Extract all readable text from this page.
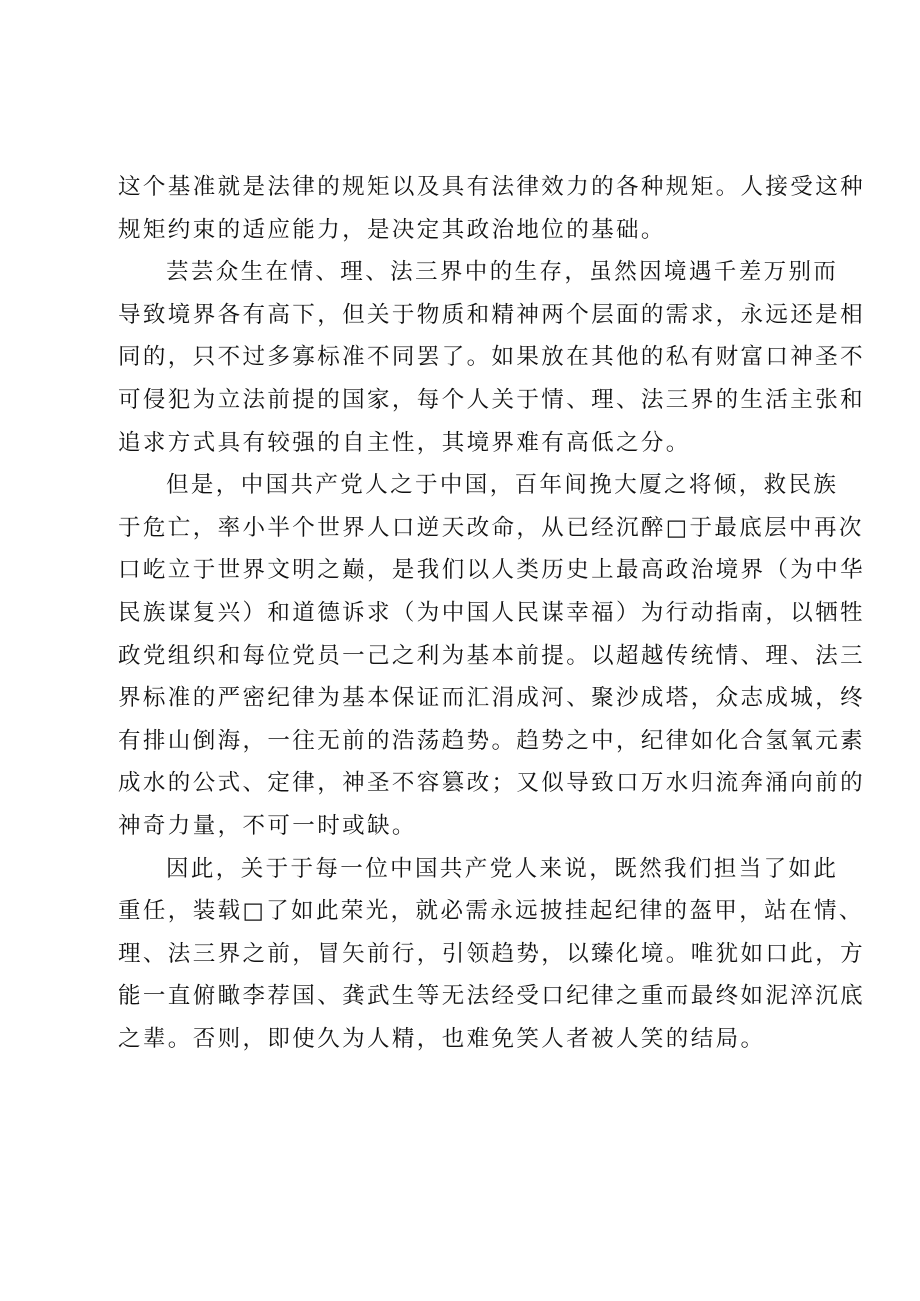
这个基准就是法律的规矩以及具有法律效力的各种规矩。人接受这种
规矩约束的适应能力，是决定其政治地位的基础。
芸芸众生在情、理、法三界中的生存，虽然因境遇千差万别而
导致境界各有高下，但关于物质和精神两个层面的需求，永远还是相
同的，只不过多寡标准不同罢了。如果放在其他的私有财富口神圣不
可侵犯为立法前提的国家，每个人关于情、理、法三界的生活主张和
追求方式具有较强的自主性，其境界难有高低之分。
但是，中国共产党人之于中国，百年间挽大厦之将倾，救民族
于危亡，率小半个世界人口逆天改命，从已经沉醉□于最底层中再次
口屹立于世界文明之巅，是我们以人类历史上最高政治境界（为中华
民族谋复兴）和道德诉求（为中国人民谋幸福）为行动指南，以牺牲
政党组织和每位党员一己之利为基本前提。以超越传统情、理、法三
界标准的严密纪律为基本保证而汇涓成河、聚沙成塔，众志成城，终
有排山倒海，一往无前的浩荡趋势。趋势之中，纪律如化合氢氧元素
成水的公式、定律，神圣不容篡改；又似导致口万水归流奔涌向前的
神奇力量，不可一时或缺。
因此，关于于每一位中国共产党人来说，既然我们担当了如此
重任，装载□了如此荣光，就必需永远披挂起纪律的盔甲，站在情、
理、法三界之前，冒矢前行，引领趋势，以臻化境。唯犹如口此，方
能一直俯瞰李荐国、龚武生等无法经受口纪律之重而最终如泥淬沉底
之辈。否则，即使久为人精，也难免笑人者被人笑的结局。
